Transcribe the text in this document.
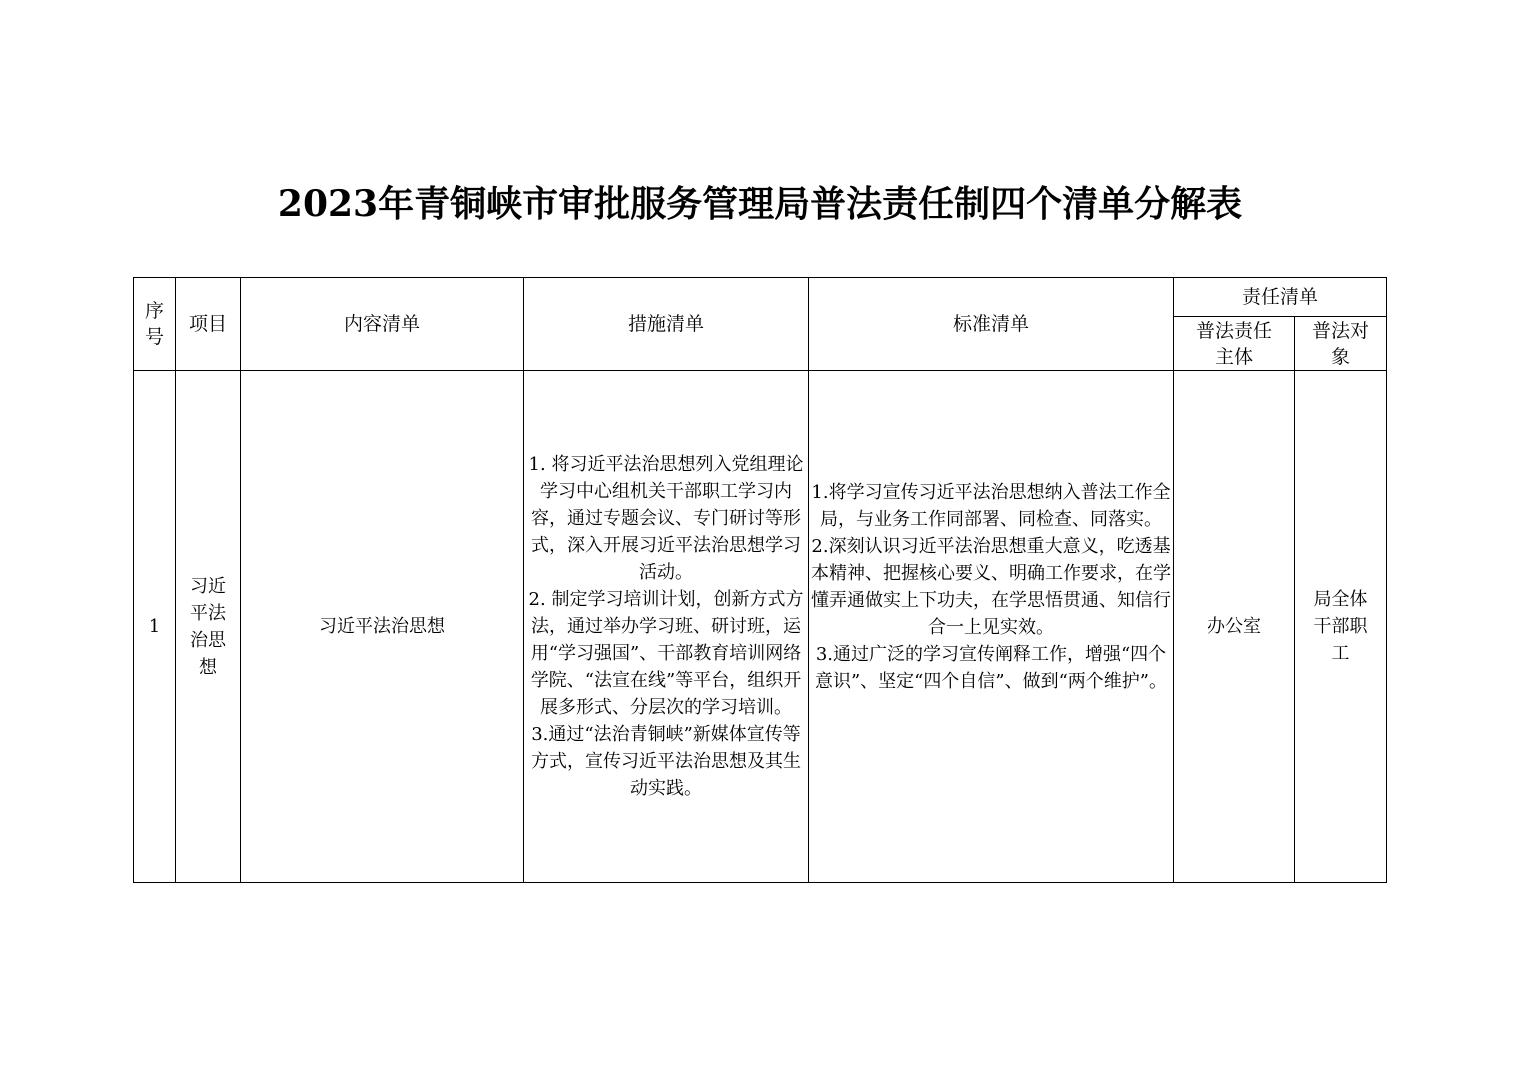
2023年青铜峡市审批服务管理局普法责任制四个清单分解表
序号	项目	内容清单	措施清单	标准清单	责任清单	
					普法责任主体	普法对象
1	习近平法治思想	习近平法治思想	1. 将习近平法治思想列入党组理论学习中心组机关干部职工学习内容，通过专题会议、专门研讨等形式，深入开展习近平法治思想学习活动。
2. 制定学习培训计划，创新方式方法，通过举办学习班、研讨班，运用“学习强国”、干部教育培训网络学院、“法宣在线”等平台，组织开展多形式、分层次的学习培训。
3.通过“法治青铜峡”新媒体宣传等方式，宣传习近平法治思想及其生动实践。	1.将学习宣传习近平法治思想纳入普法工作全局，与业务工作同部署、同检查、同落实。
2.深刻认识习近平法治思想重大意义，吃透基本精神、把握核心要义、明确工作要求，在学懂弄通做实上下功夫，在学思悟贯通、知信行合一上见实效。
3.通过广泛的学习宣传阐释工作，增强“四个意识”、坚定“四个自信”、做到“两个维护”。	办公室	局全体干部职工
